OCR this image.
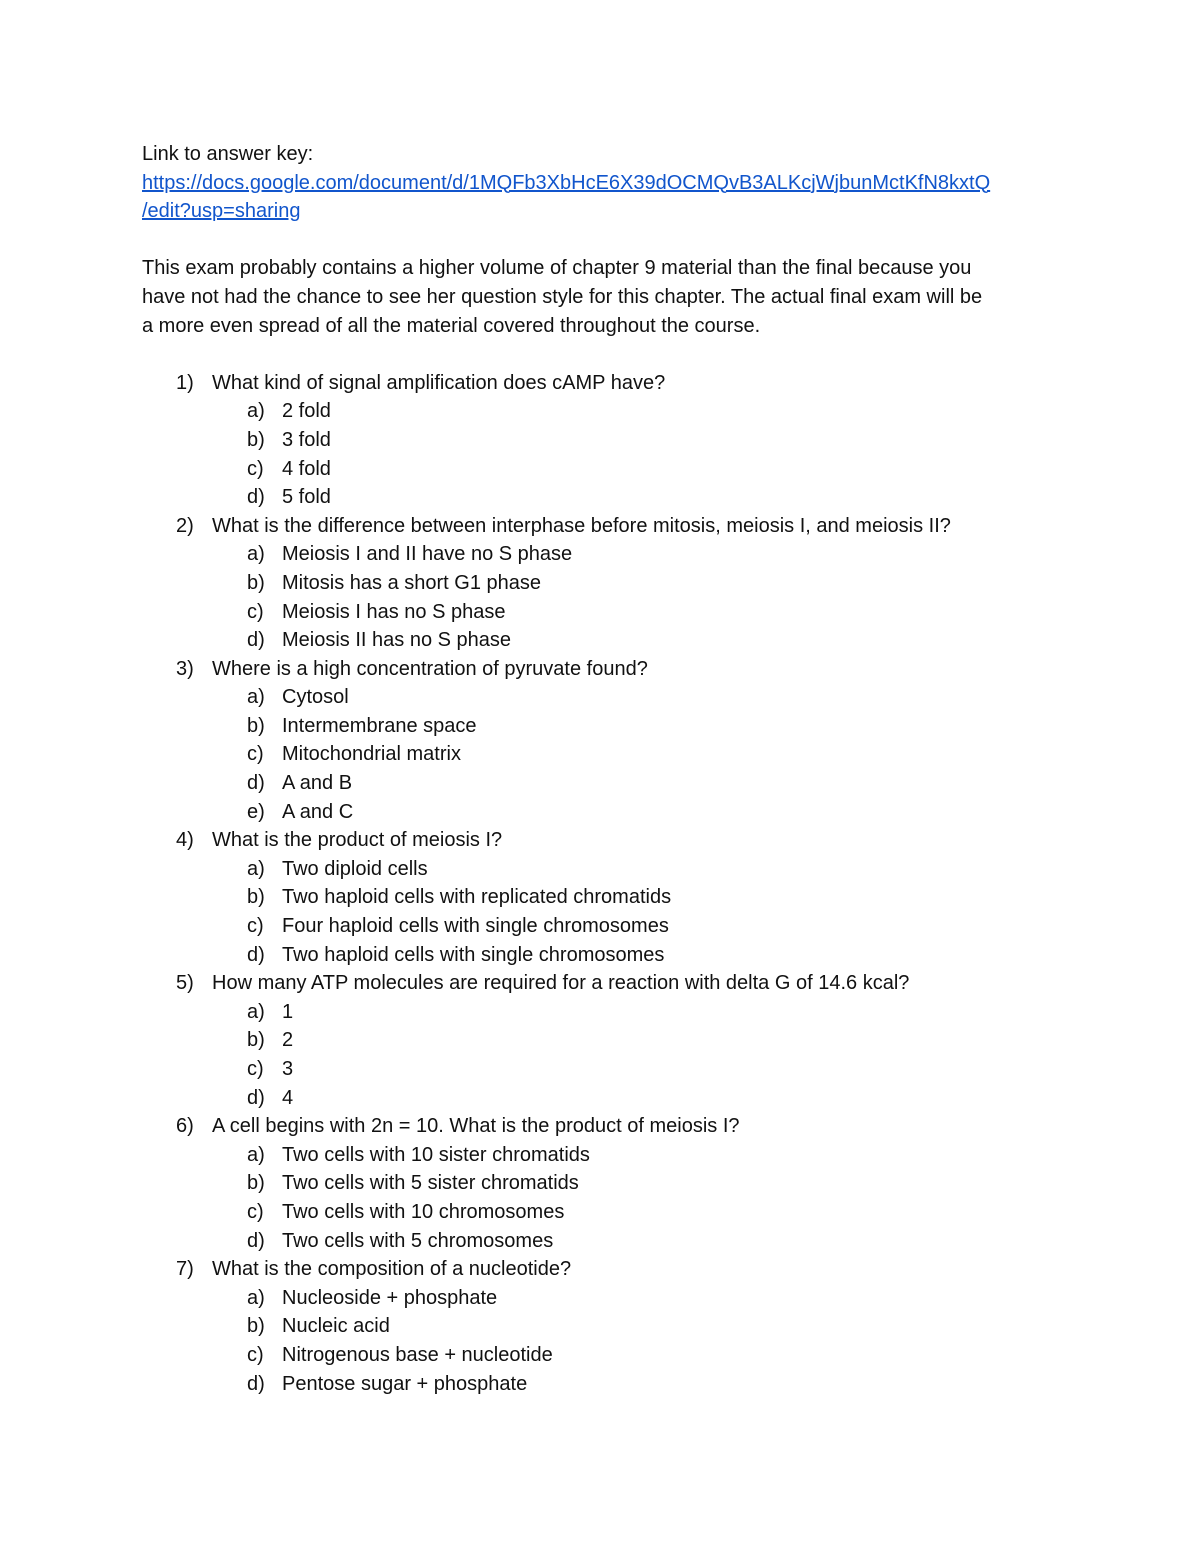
Link to answer key:
https://docs.google.com/document/d/1MQFb3XbHcE6X39dOCMQvB3ALKcjWjbunMctKfN8kxtQ
/edit?usp=sharing
This exam probably contains a higher volume of chapter 9 material than the final because you
have not had the chance to see her question style for this chapter. The actual final exam will be
a more even spread of all the material covered throughout the course.
1) What kind of signal amplification does cAMP have?
a) 2 fold
b) 3 fold
c) 4 fold
d) 5 fold
2) What is the difference between interphase before mitosis, meiosis I, and meiosis II?
a) Meiosis I and II have no S phase
b) Mitosis has a short G1 phase
c) Meiosis I has no S phase
d) Meiosis II has no S phase
3) Where is a high concentration of pyruvate found?
a) Cytosol
b) Intermembrane space
c) Mitochondrial matrix
d) A and B
e) A and C
4) What is the product of meiosis I?
a) Two diploid cells
b) Two haploid cells with replicated chromatids
c) Four haploid cells with single chromosomes
d) Two haploid cells with single chromosomes
5) How many ATP molecules are required for a reaction with delta G of 14.6 kcal?
a) 1
b) 2
c) 3
d) 4
6) A cell begins with 2n = 10. What is the product of meiosis I?
a) Two cells with 10 sister chromatids
b) Two cells with 5 sister chromatids
c) Two cells with 10 chromosomes
d) Two cells with 5 chromosomes
7) What is the composition of a nucleotide?
a) Nucleoside + phosphate
b) Nucleic acid
c) Nitrogenous base + nucleotide
d) Pentose sugar + phosphate
